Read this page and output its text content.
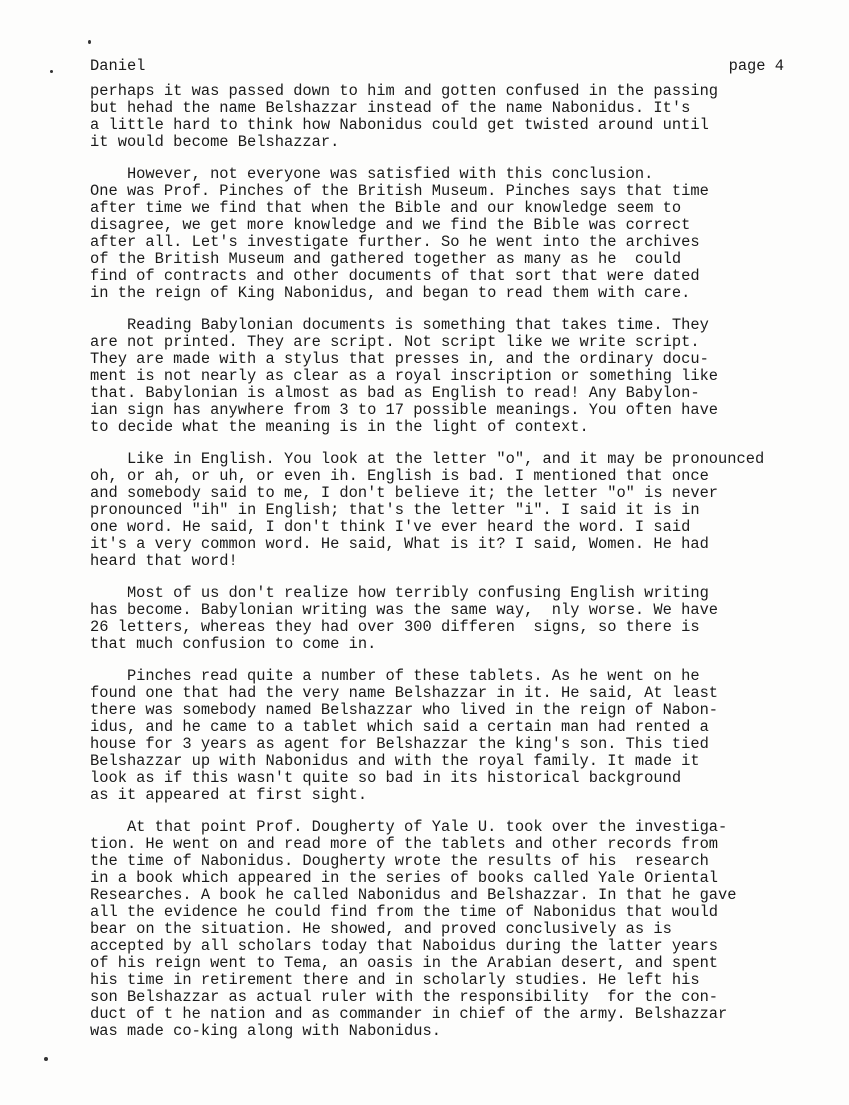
Daniel	page 4
perhaps it was passed down to him and gotten confused in the passing
but hehad the name Belshazzar instead of the name Nabonidus. It's
a little hard to think how Nabonidus could get twisted around until
it would become Belshazzar.
However, not everyone was satisfied with this conclusion.
One was Prof. Pinches of the British Museum. Pinches says that time
after time we find that when the Bible and our knowledge seem to
disagree, we get more knowledge and we find the Bible was correct
after all. Let's investigate further. So he went into the archives
of the British Museum and gathered together as many as he  could
find of contracts and other documents of that sort that were dated
in the reign of King Nabonidus, and began to read them with care.
Reading Babylonian documents is something that takes time. They
are not printed. They are script. Not script like we write script.
They are made with a stylus that presses in, and the ordinary docu-
ment is not nearly as clear as a royal inscription or something like
that. Babylonian is almost as bad as English to read! Any Babylon-
ian sign has anywhere from 3 to 17 possible meanings. You often have
to decide what the meaning is in the light of context.
Like in English. You look at the letter "o", and it may be pronounced
oh, or ah, or uh, or even ih. English is bad. I mentioned that once
and somebody said to me, I don't believe it; the letter "o" is never
pronounced "ih" in English; that's the letter "i". I said it is in
one word. He said, I don't think I've ever heard the word. I said
it's a very common word. He said, What is it? I said, Women. He had
heard that word!
Most of us don't realize how terribly confusing English writing
has become. Babylonian writing was the same way,  nly worse. We have
26 letters, whereas they had over 300 differen  signs, so there is
that much confusion to come in.
Pinches read quite a number of these tablets. As he went on he
found one that had the very name Belshazzar in it. He said, At least
there was somebody named Belshazzar who lived in the reign of Nabon-
idus, and he came to a tablet which said a certain man had rented a
house for 3 years as agent for Belshazzar the king's son. This tied
Belshazzar up with Nabonidus and with the royal family. It made it
look as if this wasn't quite so bad in its historical background
as it appeared at first sight.
At that point Prof. Dougherty of Yale U. took over the investiga-
tion. He went on and read more of the tablets and other records from
the time of Nabonidus. Dougherty wrote the results of his  research
in a book which appeared in the series of books called Yale Oriental
Researches. A book he called Nabonidus and Belshazzar. In that he gave
all the evidence he could find from the time of Nabonidus that would
bear on the situation. He showed, and proved conclusively as is
accepted by all scholars today that Naboidus during the latter years
of his reign went to Tema, an oasis in the Arabian desert, and spent
his time in retirement there and in scholarly studies. He left his
son Belshazzar as actual ruler with the responsibility  for the con-
duct of t he nation and as commander in chief of the army. Belshazzar
was made co-king along with Nabonidus.
